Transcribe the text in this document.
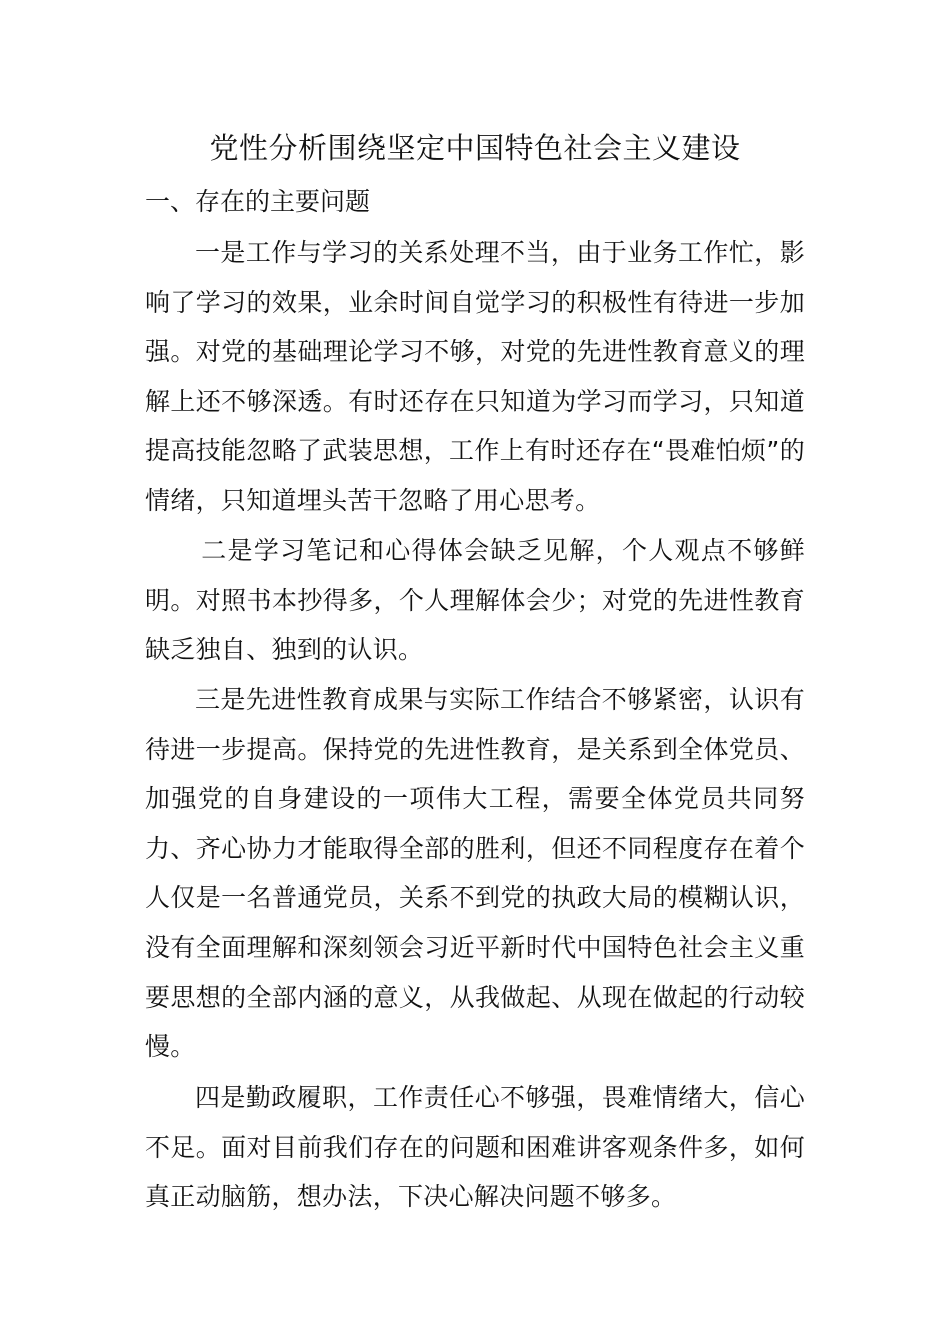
党性分析围绕坚定中国特色社会主义建设
一、存在的主要问题

一是工作与学习的关系处理不当，由于业务工作忙，影响了学习的效果，业余时间自觉学习的积极性有待进一步加强。对党的基础理论学习不够，对党的先进性教育意义的理解上还不够深透。有时还存在只知道为学习而学习，只知道提高技能忽略了武装思想，工作上有时还存在“畏难怕烦”的情绪，只知道埋头苦干忽略了用心思考。

二是学习笔记和心得体会缺乏见解，个人观点不够鲜明。对照书本抄得多，个人理解体会少；对党的先进性教育缺乏独自、独到的认识。

三是先进性教育成果与实际工作结合不够紧密，认识有待进一步提高。保持党的先进性教育，是关系到全体党员、加强党的自身建设的一项伟大工程，需要全体党员共同努力、齐心协力才能取得全部的胜利，但还不同程度存在着个人仅是一名普通党员，关系不到党的执政大局的模糊认识，没有全面理解和深刻领会习近平新时代中国特色社会主义重要思想的全部内涵的意义，从我做起、从现在做起的行动较慢。

四是勤政履职，工作责任心不够强，畏难情绪大，信心不足。面对目前我们存在的问题和困难讲客观条件多，如何真正动脑筋，想办法，下决心解决问题不够多。
